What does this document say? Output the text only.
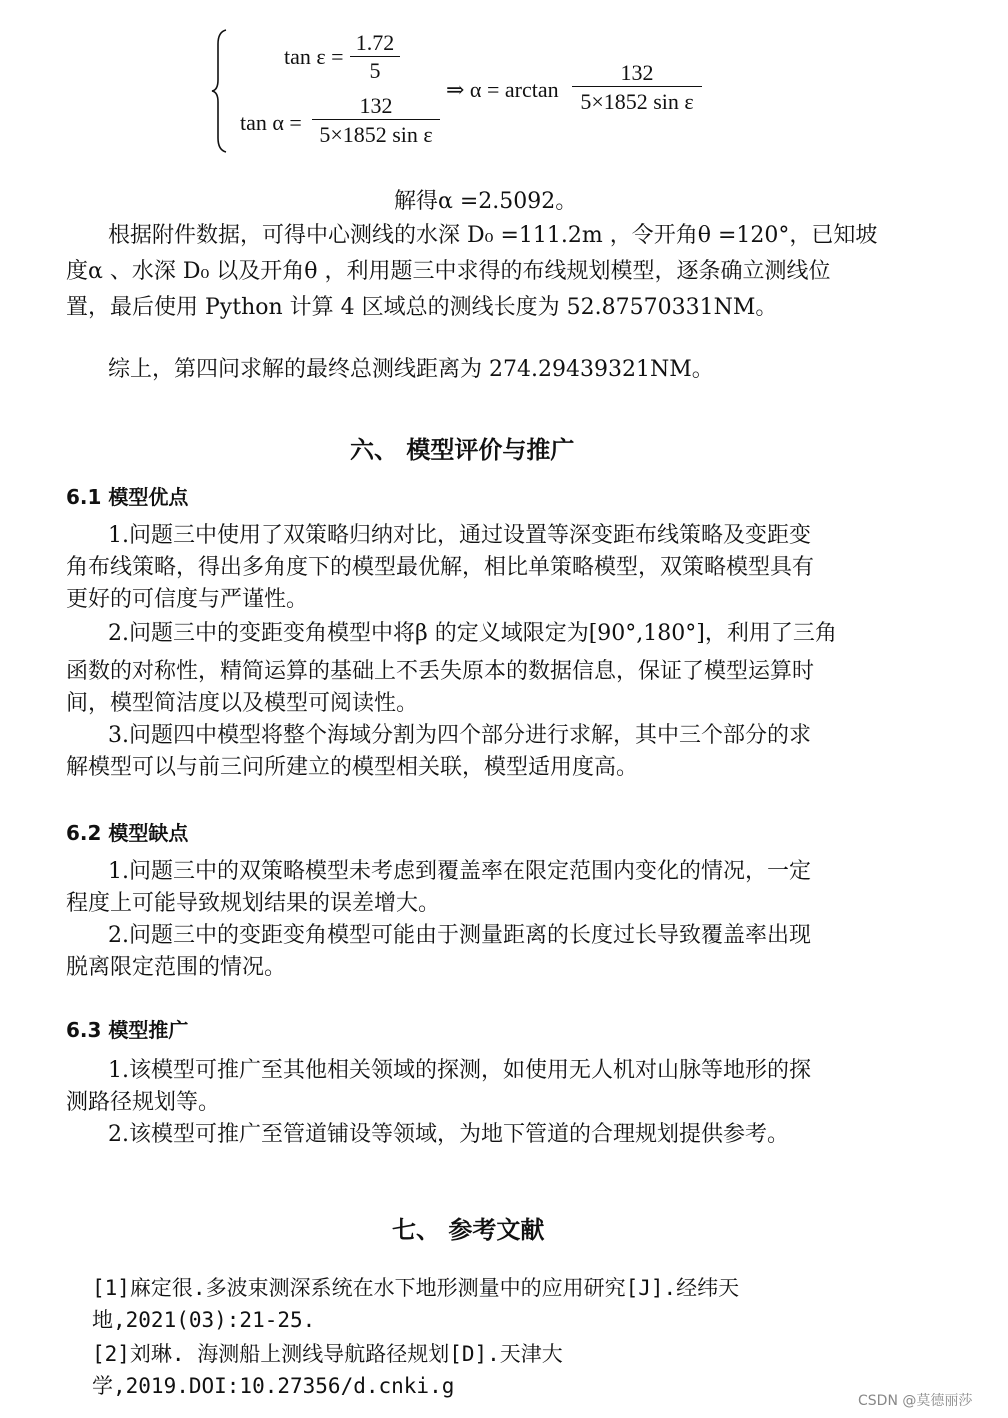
$\tan \varepsilon = \frac{1.72}{5}$
$\tan \alpha = \frac{132}{\text{5×1852 sin ε}}$
⇒ $\alpha = \arctan \frac{132}{\text{5×1852 sin ε}}$
解得α =2.5092。
根据附件数据，可得中心测线的水深 D₀ =111.2m ，令开角θ =120°，已知坡
度α 、水深 D₀ 以及开角θ ，利用题三中求得的布线规划模型，逐条确立测线位
置，最后使用 Python 计算 4 区域总的测线长度为 52.87570331NM。
综上，第四问求解的最终总测线距离为 274.29439321NM。
六、 模型评价与推广
6.1 模型优点
1.问题三中使用了双策略归纳对比，通过设置等深变距布线策略及变距变
角布线策略，得出多角度下的模型最优解，相比单策略模型，双策略模型具有
更好的可信度与严谨性。
2.问题三中的变距变角模型中将β 的定义域限定为[90°,180°]，利用了三角
函数的对称性，精简运算的基础上不丢失原本的数据信息，保证了模型运算时
间，模型简洁度以及模型可阅读性。
3.问题四中模型将整个海域分割为四个部分进行求解，其中三个部分的求
解模型可以与前三问所建立的模型相关联，模型适用度高。
6.2 模型缺点
1.问题三中的双策略模型未考虑到覆盖率在限定范围内变化的情况，一定
程度上可能导致规划结果的误差增大。
2.问题三中的变距变角模型可能由于测量距离的长度过长导致覆盖率出现
脱离限定范围的情况。
6.3 模型推广
1.该模型可推广至其他相关领域的探测，如使用无人机对山脉等地形的探
测路径规划等。
2.该模型可推广至管道铺设等领域，为地下管道的合理规划提供参考。
七、 参考文献
[1]麻定很.多波束测深系统在水下地形测量中的应用研究[J].经纬天
地,2021(03):21-25.
[2]刘琳. 海测船上测线导航路径规划[D].天津大
学,2019.DOI:10.27356/d.cnki.g
CSDN @莫德丽莎
